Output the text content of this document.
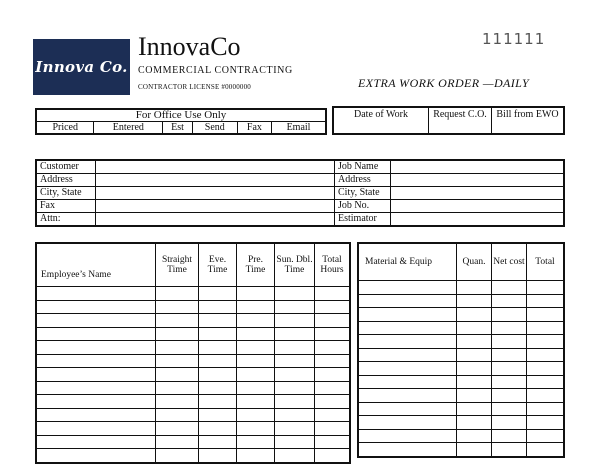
Innova Co.
InnovaCo
COMMERCIAL CONTRACTING
CONTRACTOR LICENSE #0000000
111111
EXTRA WORK ORDER —DAILY
For Office Use Only
Priced	Entered	Est	Send	Fax	Email
Date of Work	Request C.O.	Bill from EWO
Customer		Job Name	
Address		Address	
City, State		City, State	
Fax		Job No.	
Attn:		Estimator	
Employee’s Name	Straight Time	Eve. Time	Pre. Time	Sun. Dbl. Time	Total Hours

Material & Equip	Quan.	Net cost	Total
